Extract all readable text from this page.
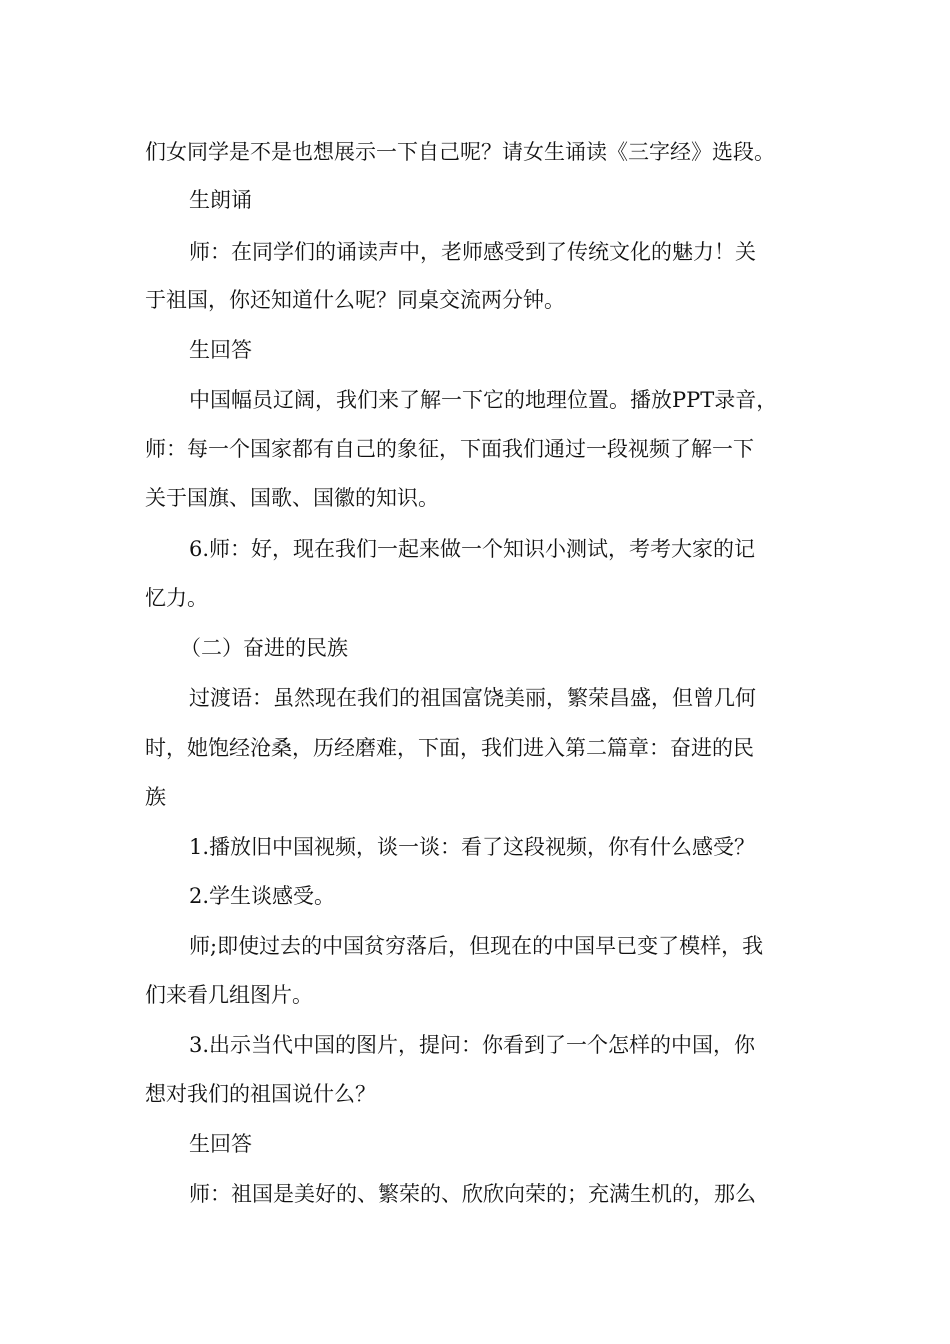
们女同学是不是也想展示一下自己呢？请女生诵读《三字经》选段。

生朗诵

师：在同学们的诵读声中，老师感受到了传统文化的魅力！关

于祖国，你还知道什么呢？同桌交流两分钟。

生回答

中国幅员辽阔，我们来了解一下它的地理位置。播放PPT录音，

师：每一个国家都有自己的象征，下面我们通过一段视频了解一下

关于国旗、国歌、国徽的知识。

6.师：好，现在我们一起来做一个知识小测试，考考大家的记

忆力。

（二）奋进的民族

过渡语：虽然现在我们的祖国富饶美丽，繁荣昌盛，但曾几何

时，她饱经沧桑，历经磨难，下面，我们进入第二篇章：奋进的民

族

1.播放旧中国视频，谈一谈：看了这段视频，你有什么感受？

2.学生谈感受。

师;即使过去的中国贫穷落后，但现在的中国早已变了模样，我

们来看几组图片。

3.出示当代中国的图片，提问：你看到了一个怎样的中国，你

想对我们的祖国说什么？

生回答

师：祖国是美好的、繁荣的、欣欣向荣的；充满生机的，那么
